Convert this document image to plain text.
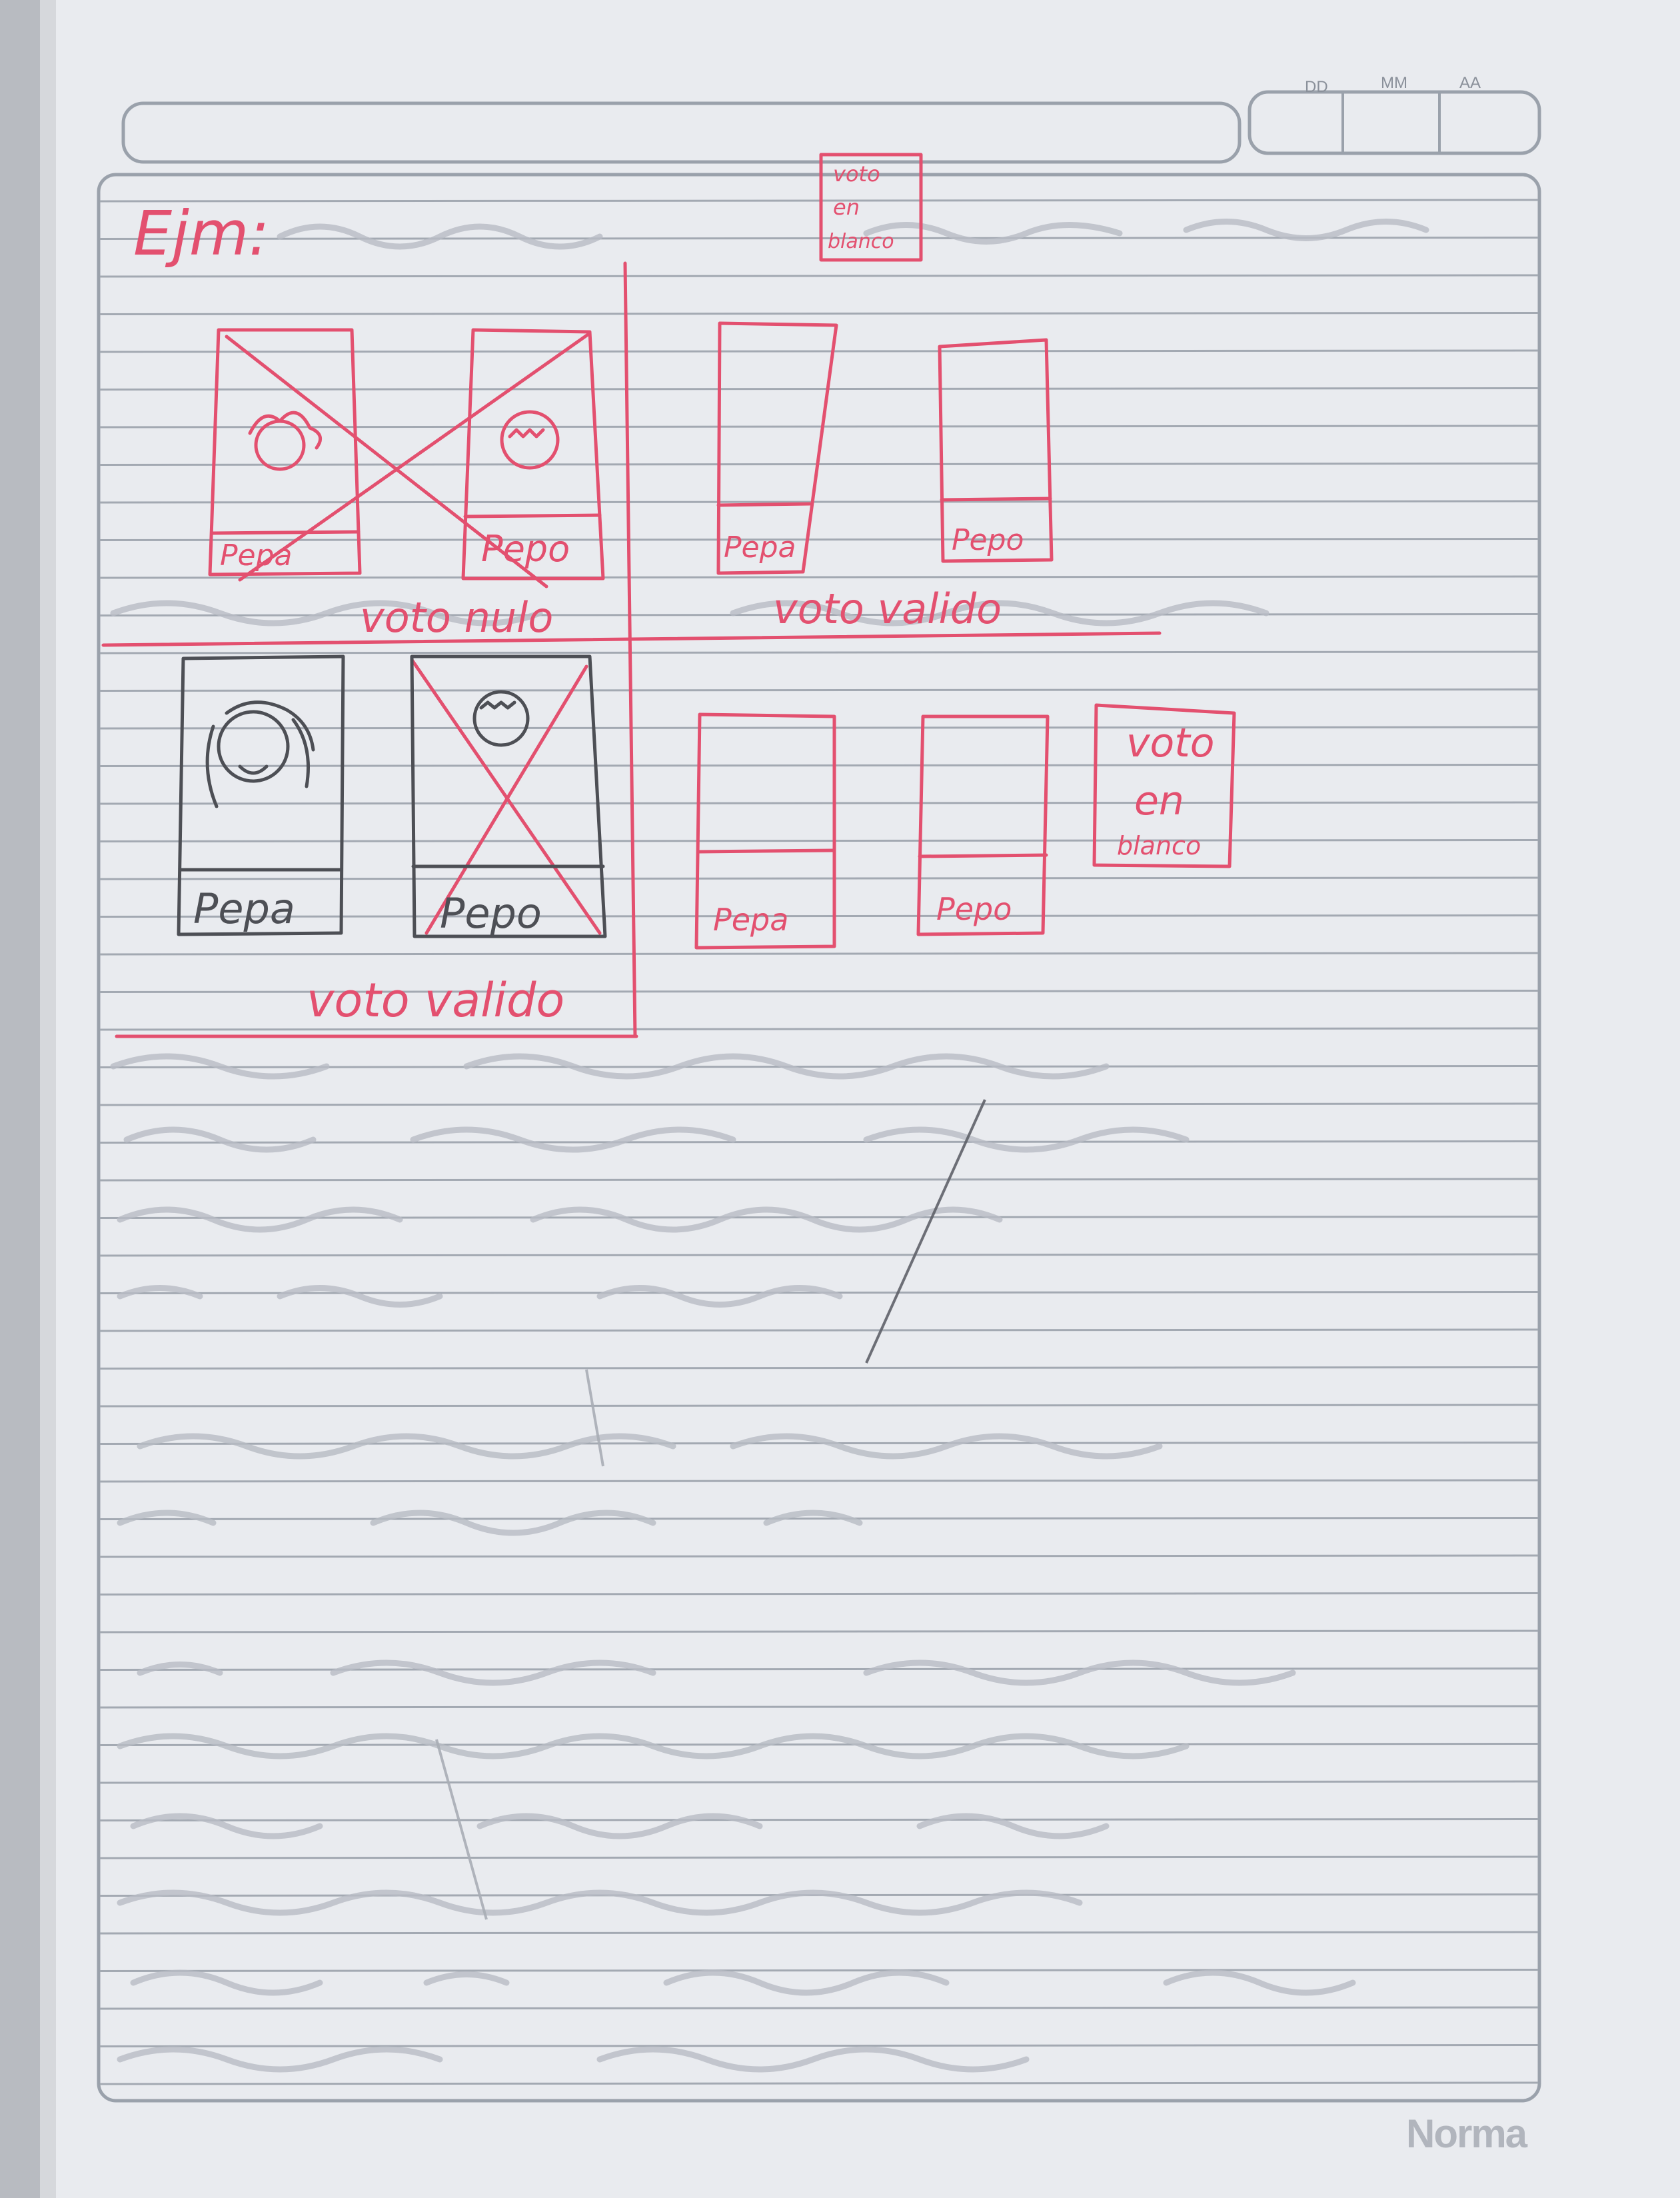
DD	MM	AA
Ejm:
voto
en
blanco
Pepa	Pepo
voto nulo
Pepa	Pepo
voto valido
Pepa	Pepo
voto
en
blanco
voto valido
Pepa	Pepo
Norma
